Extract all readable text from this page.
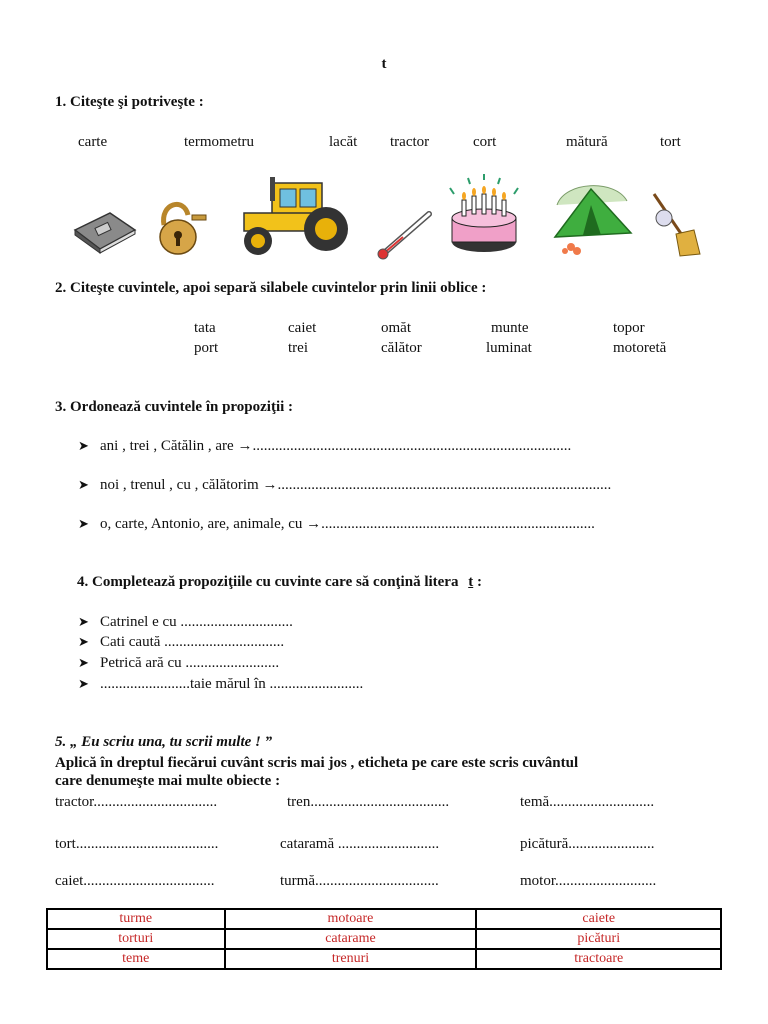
t
1. Citeşte şi potriveşte :
carte	termometru	lacăt tractor	cort	mătură	tort
2. Citeşte cuvintele, apoi separă silabele cuvintelor prin linii oblice :
tata	caiet	omăt	munte	topor
port	trei	călător	luminat	motoretă
3. Ordonează cuvintele în propoziţii :
➤ ani , trei , Cătălin , are →.....................................................................................
➤ noi , trenul , cu , călătorim →.........................................................................................
➤ o, carte, Antonio, are, animale, cu →.........................................................................
4. Completează propoziţiile cu cuvinte care să conţină litera t :
➤ Catrinel e cu ..............................
➤ Cati caută ................................
➤ Petrică ară cu .........................
➤ ........................taie mărul în .........................
5. „ Eu scriu una, tu scrii multe ! ”
Aplică în dreptul fiecărui cuvânt scris mai jos , eticheta pe care este scris cuvântul
care denumeşte mai multe obiecte :
tractor.................................	tren.....................................	temă............................
tort......................................	cataramă ...........................	picătură.......................
caiet...................................	turmă.................................	motor...........................
turme	motoare	caiete
torturi	catarame	picături
teme	trenuri	tractoare
